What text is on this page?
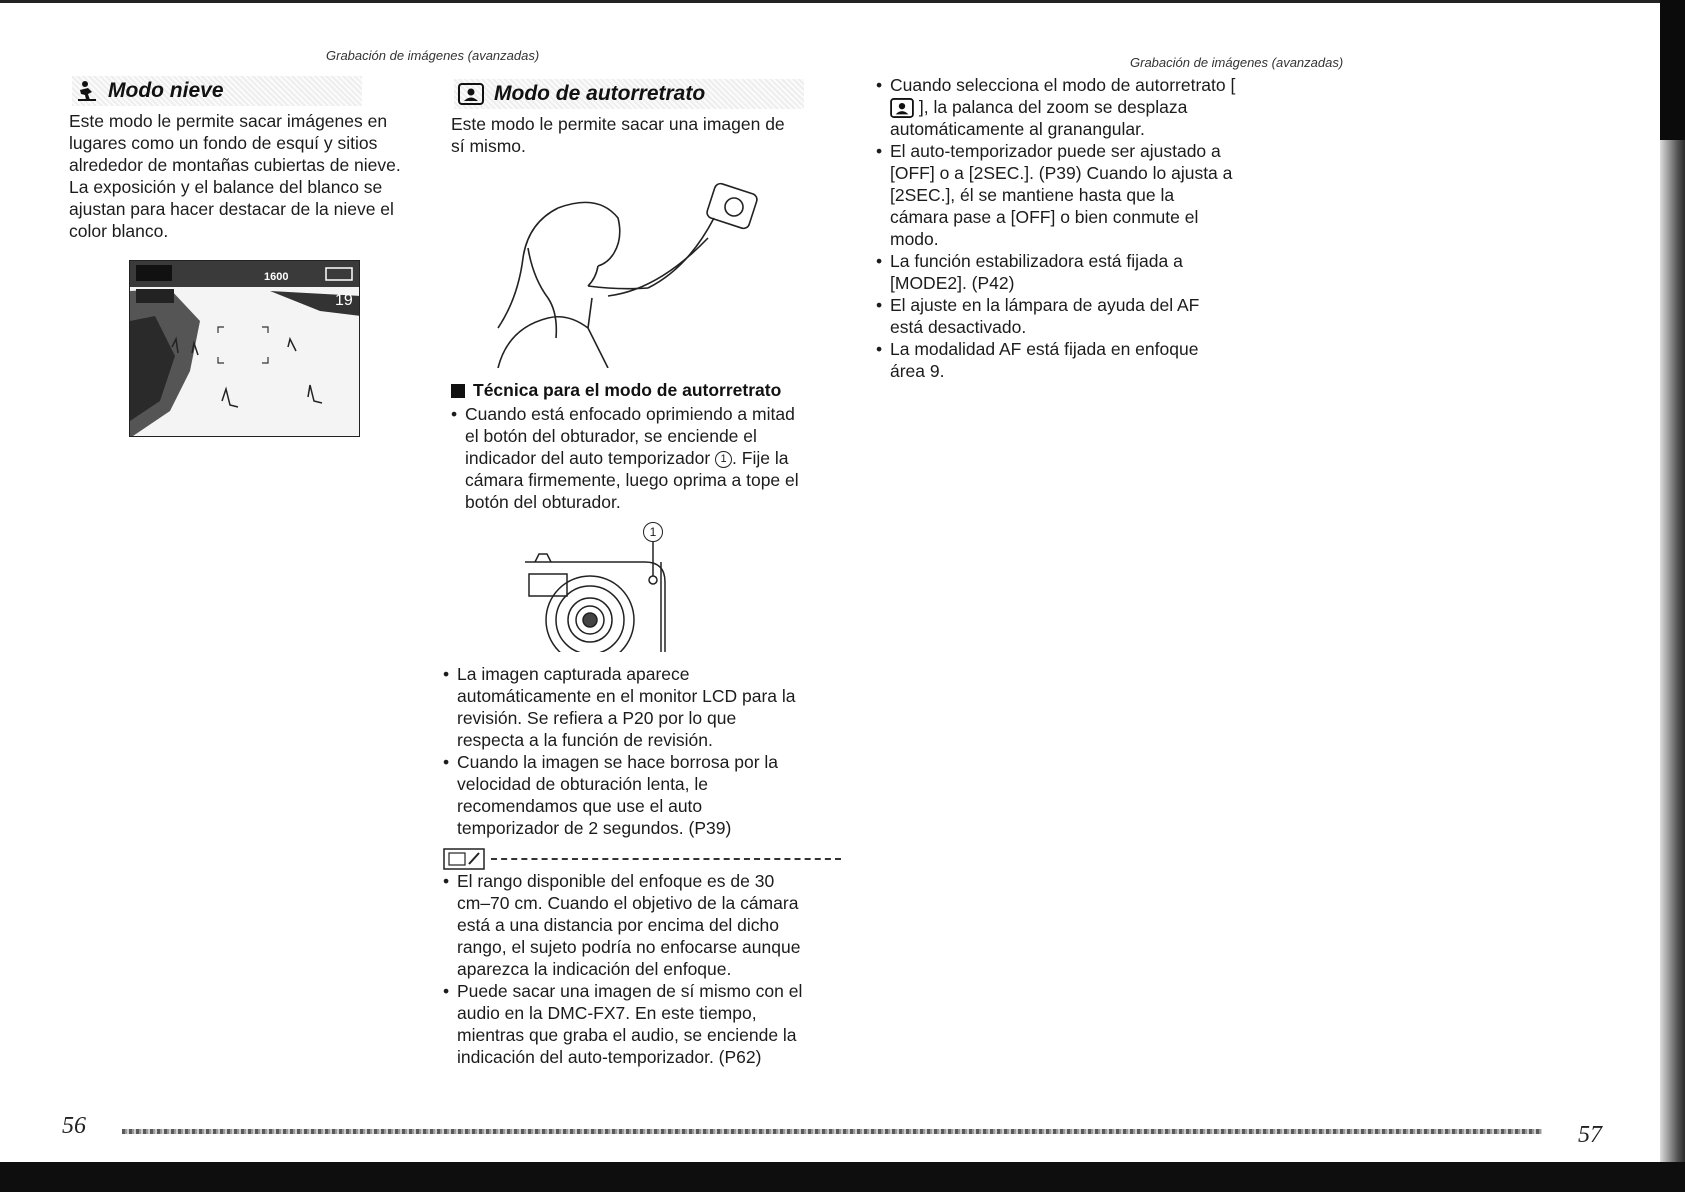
Grabación de imágenes (avanzadas)	Grabación de imágenes (avanzadas)
Modo nieve

Este modo le permite sacar imágenes en
lugares como un fondo de esquí y sitios
alrededor de montañas cubiertas de nieve.
La exposición y el balance del blanco se
ajustan para hacer destacar de la nieve el
color blanco.

1600
19
56
Modo de autorretrato

Este modo le permite sacar una imagen de
sí mismo.

Técnica para el modo de autorretrato
• Cuando está enfocado oprimiendo a mitad el botón del obturador, se enciende el indicador del auto temporizador 1 . Fije la cámara firmemente, luego oprima a tope el botón del obturador.
1
• La imagen capturada aparece automáticamente en el monitor LCD para la revisión. Se refiera a P20 por lo que respecta a la función de revisión.
• Cuando la imagen se hace borrosa por la velocidad de obturación lenta, le recomendamos que use el auto temporizador de 2 segundos. (P39)
• El rango disponible del enfoque es de 30 cm–70 cm. Cuando el objetivo de la cámara está a una distancia por encima del dicho rango, el sujeto podría no enfocarse aunque aparezca la indicación del enfoque.
• Puede sacar una imagen de sí mismo con el audio en la DMC-FX7. En este tiempo, mientras que graba el audio, se enciende la indicación del auto-temporizador. (P62)
• Cuando selecciona el modo de autorretrato [  ], la palanca del zoom se desplaza automáticamente al granangular.
• El auto-temporizador puede ser ajustado a [OFF] o a [2SEC.]. (P39) Cuando lo ajusta a [2SEC.], él se mantiene hasta que la cámara pase a [OFF] o bien conmute el modo.
• La función estabilizadora está fijada a [MODE2]. (P42)
• El ajuste en la lámpara de ayuda del AF está desactivado.
• La modalidad AF está fijada en enfoque área 9.
57
